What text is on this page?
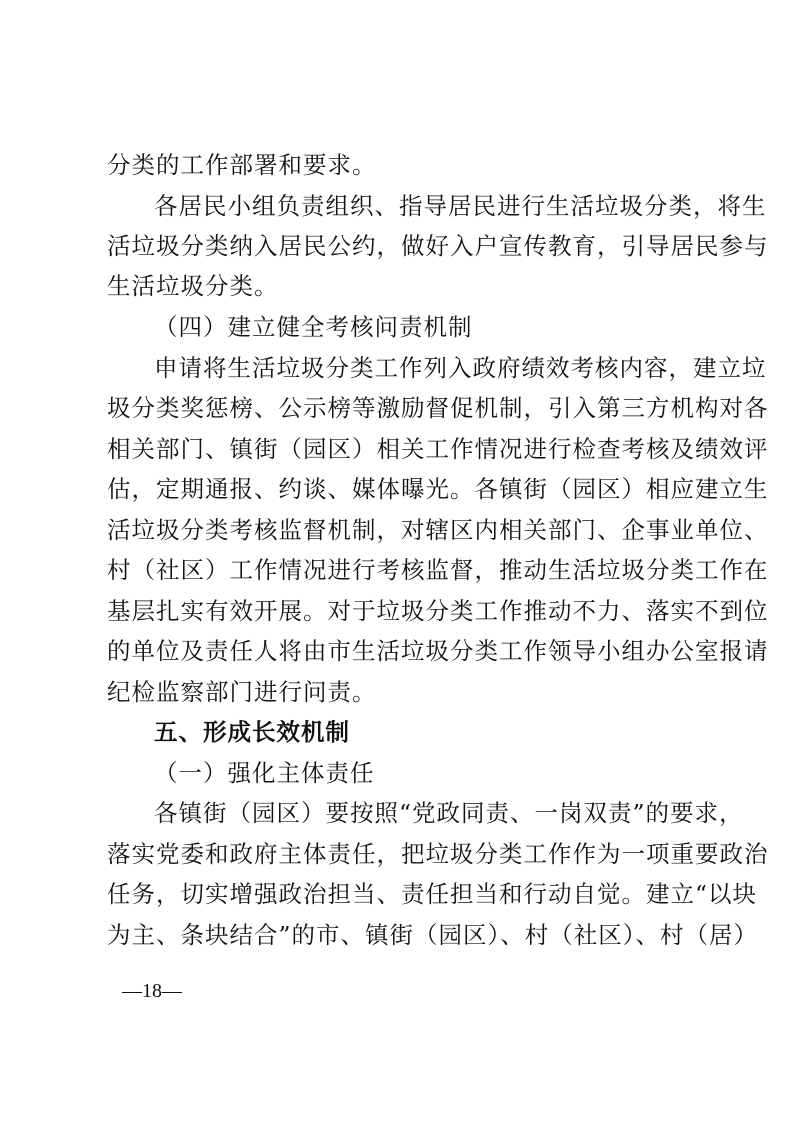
分类的工作部署和要求。
各居民小组负责组织、指导居民进行生活垃圾分类，将生
活垃圾分类纳入居民公约，做好入户宣传教育，引导居民参与
生活垃圾分类。
（四）建立健全考核问责机制
申请将生活垃圾分类工作列入政府绩效考核内容，建立垃
圾分类奖惩榜、公示榜等激励督促机制，引入第三方机构对各
相关部门、镇街（园区）相关工作情况进行检查考核及绩效评
估，定期通报、约谈、媒体曝光。各镇街（园区）相应建立生
活垃圾分类考核监督机制，对辖区内相关部门、企事业单位、
村（社区）工作情况进行考核监督，推动生活垃圾分类工作在
基层扎实有效开展。对于垃圾分类工作推动不力、落实不到位
的单位及责任人将由市生活垃圾分类工作领导小组办公室报请
纪检监察部门进行问责。
五、形成长效机制
（一）强化主体责任
各镇街（园区）要按照“党政同责、一岗双责”的要求，
落实党委和政府主体责任，把垃圾分类工作作为一项重要政治
任务，切实增强政治担当、责任担当和行动自觉。建立“以块
为主、条块结合”的市、镇街（园区）、村（社区）、村（居）
—18—
